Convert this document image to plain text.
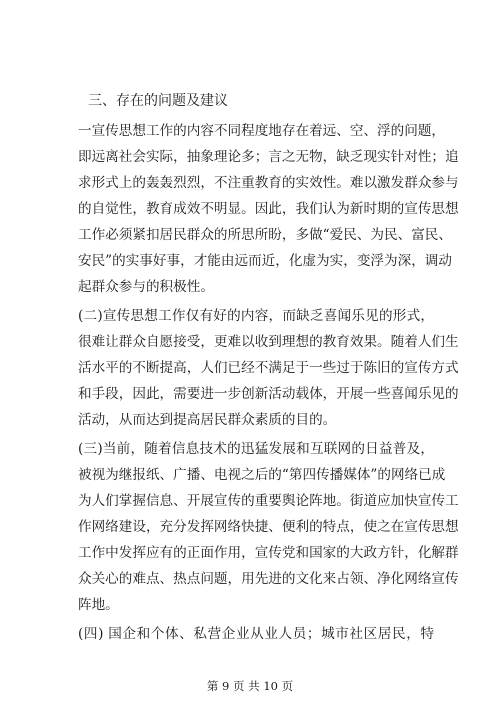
三、存在的问题及建议
一宣传思想工作的内容不同程度地存在着远、空、浮的问题，
即远离社会实际，抽象理论多；言之无物，缺乏现实针对性；追
求形式上的轰轰烈烈，不注重教育的实效性。难以激发群众参与
的自觉性，教育成效不明显。因此，我们认为新时期的宣传思想
工作必须紧扣居民群众的所思所盼，多做“爱民、为民、富民、
安民”的实事好事，才能由远而近，化虚为实，变浮为深，调动
起群众参与的积极性。
(二)宣传思想工作仅有好的内容，而缺乏喜闻乐见的形式，
很难让群众自愿接受，更难以收到理想的教育效果。随着人们生
活水平的不断提高，人们已经不满足于一些过于陈旧的宣传方式
和手段，因此，需要进一步创新活动载体，开展一些喜闻乐见的
活动，从而达到提高居民群众素质的目的。
(三)当前，随着信息技术的迅猛发展和互联网的日益普及，
被视为继报纸、广播、电视之后的“第四传播媒体”的网络已成
为人们掌握信息、开展宣传的重要舆论阵地。街道应加快宣传工
作网络建设，充分发挥网络快捷、便利的特点，使之在宣传思想
工作中发挥应有的正面作用，宣传党和国家的大政方针，化解群
众关心的难点、热点问题，用先进的文化来占领、净化网络宣传
阵地。
(四) 国企和个体、私营企业从业人员；城市社区居民，特
第 9 页 共 10 页
